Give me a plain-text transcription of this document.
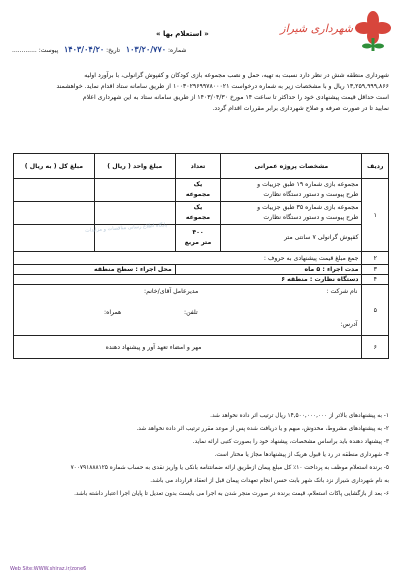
شهرداری شیراز
« استعلام بها »
شماره: ۱۰۳/۲۰/۷۷۰   تاریخ: ۱۴۰۳/۰۴/۲۰   پیوست: .............
شهرداری منطقه شش در نظر دارد نسبت به تهیه، حمل و نصب مجموعه بازی کودکان و کفپوش گرانولی، با برآورد اولیه
۱۳,۲۵۹,۹۹۹,۸۶۶ ریال و با مشخصات زیر به شماره درخواست ۱۰۰۳۰۲۹۶۹۹۷۸۰۰۰۲۱ از طریق سامانه ستاد اقدام نماید. خواهشمند
است حداقل قیمت پیشنهادی خود را حداکثر تا ساعت ۱۴ مورخ ۱۴۰۳/۰۴/۳۰ از طریق سامانه ستاد به این شهرداری اعلام
نمایید تا در صورت صرفه و صلاح شهرداری برابر مقررات اقدام گردد.
ردیف	مشخصات پروژه عمرانی	تعداد	مبلغ واحد ( ریال )	مبلغ کل ( به ریال )
۱	مجموعه بازی شماره ۱۹ طبق جزییات و
طرح پیوست و دستور دستگاه نظارت	یک
مجموعه		

	مجموعه بازی شماره ۳۵ طبق جزییات و
طرح پیوست و دستور دستگاه نظارت	یک
مجموعه		

	کفپوش گرانولی ۷ سانتی متر	۴۰۰
متر مربع		

۲	جمع مبلغ قیمت پیشنهادی به حروف :			
۳	مدت اجراء : ۵ ماه		محل اجراء : سطح منطقه	
۴	دستگاه نظارت : منطقه ۶			
۵	نام شرکت :
مدیرعامل آقای/خانم:
آدرس:
تلفن:
همراه:			

۶	مهر و امضاء تعهد آور و پیشنهاد دهنده			
پایگاه اطلاع رسانی مناقصات و مزایدات
۱- به پیشنهادهای بالاتر از ۱۴,۵۰۰,۰۰۰,۰۰۰ ریال ترتیب اثر داده نخواهد شد.
۲- به پیشنهادهای مشروط، مخدوش، مبهم و یا دریافت شده پس از موعد مقرر ترتیب اثر داده نخواهد شد.
۳- پیشنهاد دهنده باید براساس مشخصات، پیشنهاد خود را بصورت کتبی ارائه نماید.
۴- شهرداری منطقه در رد یا قبول هریک از پیشنهادها مجاز یا مختار است.
۵- برنده استعلام موظف به پرداخت ۱۰٪ کل مبلغ پیمان ازطریق ارائه ضمانتنامه بانکی یا واریز نقدی به حساب شماره ۷۰۰۷۹۱۸۸۸۱۲۵
به نام شهرداری شیراز نزد بانک شهر بابت حسن انجام تعهدات پیمان قبل از انعقاد قرارداد می باشد.
۶- بعد از بازگشایی پاکات استعلام، قیمت برنده در صورت منجر شدن به اجرا می بایست بدون تعدیل تا پایان اجرا اعتبار داشته باشد.
Web Site:WWW.shiraz.ir/zone6
